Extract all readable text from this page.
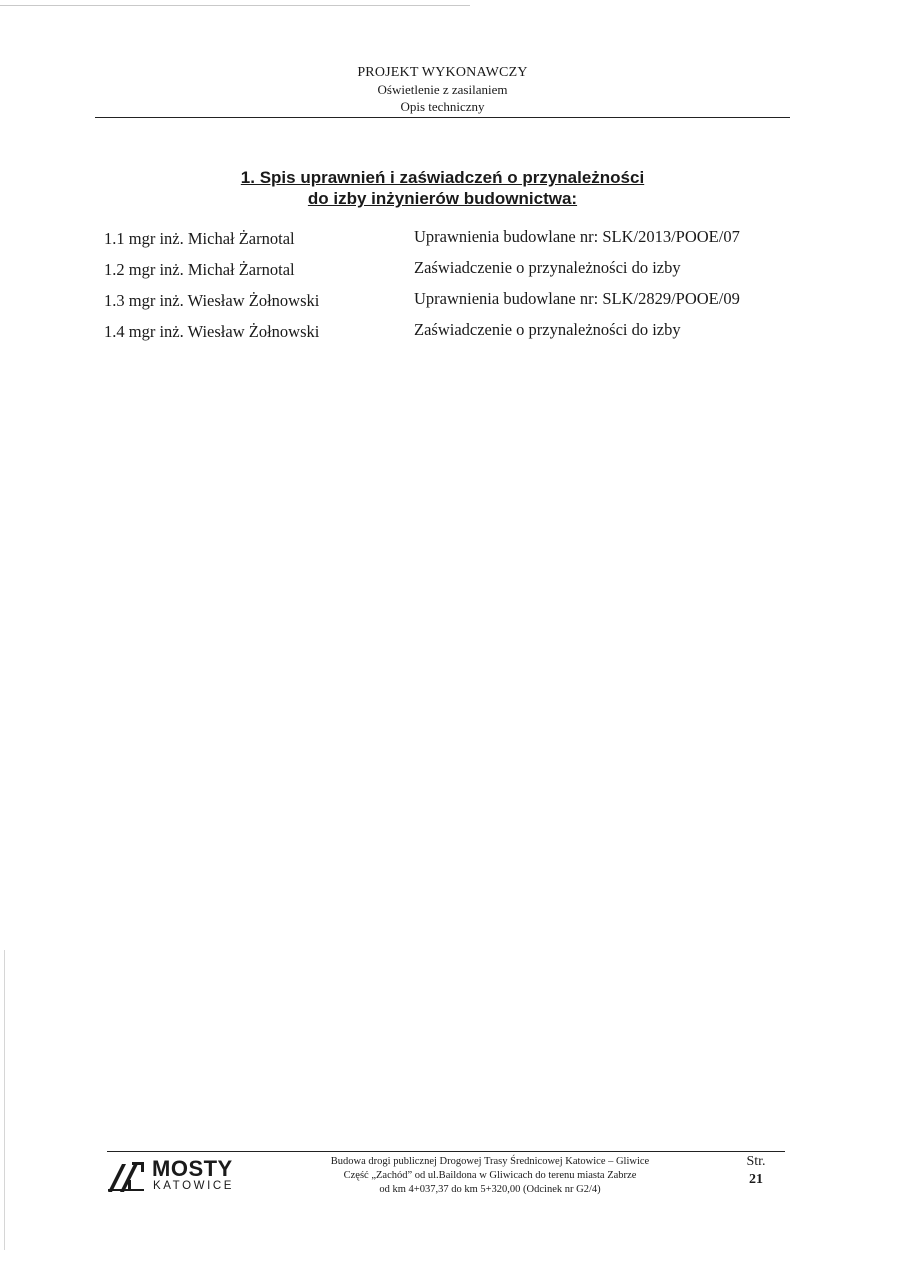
PROJEKT WYKONAWCZY
Oświetlenie z zasilaniem
Opis techniczny
1. Spis uprawnień i zaświadczeń o przynależności
do izby inżynierów budownictwa:
1.1 mgr inż. Michał Żarnotal	Uprawnienia budowlane nr: SLK/2013/POOE/07
1.2 mgr inż. Michał Żarnotal	Zaświadczenie o przynależności do izby
1.3 mgr inż. Wiesław Żołnowski	Uprawnienia budowlane nr: SLK/2829/POOE/09
1.4 mgr inż. Wiesław Żołnowski	Zaświadczenie o przynależności do izby
MOSTY
KATOWICE
Budowa drogi publicznej Drogowej Trasy Średnicowej Katowice – Gliwice
Część „Zachód” od ul.Baildona w Gliwicach do terenu miasta Zabrze
od km 4+037,37 do km 5+320,00 (Odcinek nr G2/4)
Str.
21
